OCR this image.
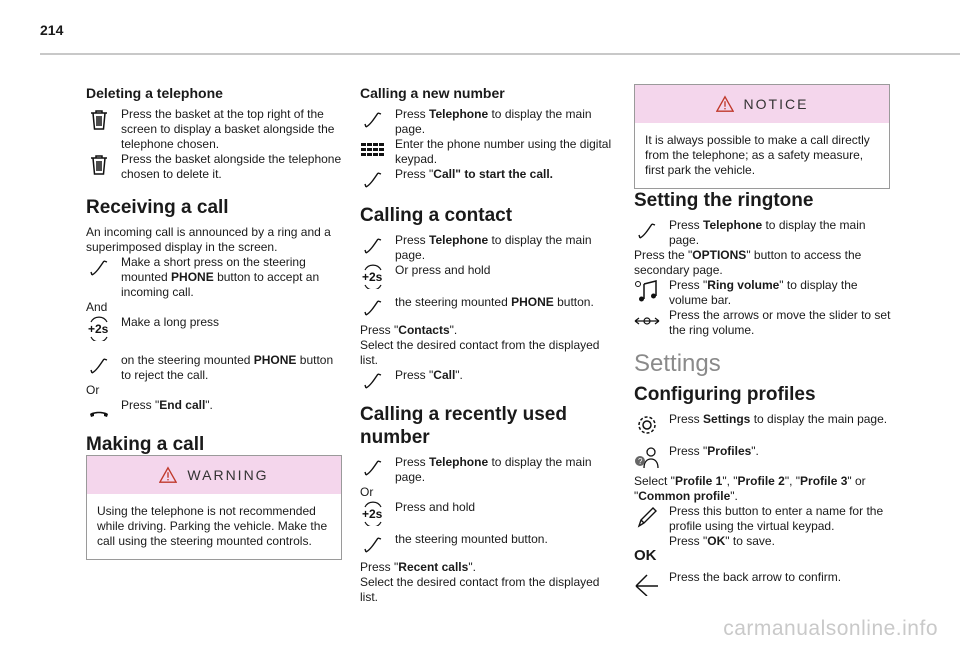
214
Deleting a telephone
Press the basket at the top right of the screen to display a basket alongside the telephone chosen.
Press the basket alongside the telephone chosen to delete it.
Receiving a call

An incoming call is announced by a ring and a superimposed display in the screen.

Make a short press on the steering mounted PHONE button to accept an incoming call.

And

+2s Make a long press
on the steering mounted PHONE button to reject the call.

Or

Press "End call".
Making a call
WARNING
Using the telephone is not recommended while driving. Parking the vehicle. Make the call using the steering mounted controls.
Calling a new number
Press Telephone to display the main page.
Enter the phone number using the digital keypad.
Press "Call" to start the call.
Calling a contact
Press Telephone to display the main page.
+2s Or press and hold
the steering mounted PHONE button.

Press "Contacts".

Select the desired contact from the displayed list.

Press "Call".
Calling a recently used number
Press Telephone to display the main page.

Or

+2s Press and hold
the steering mounted button.

Press "Recent calls".

Select the desired contact from the displayed list.

NOTICE
It is always possible to make a call directly from the telephone; as a safety measure, first park the vehicle.
Setting the ringtone
Press Telephone to display the main page.

Press the "OPTIONS" button to access the secondary page.

Press "Ring volume" to display the volume bar.
Press the arrows or move the slider to set the ring volume.
Settings
Configuring profiles
Press Settings to display the main page.
?
Press "Profiles".

Select "Profile 1", "Profile 2", "Profile 3" or "Common profile".

Press this button to enter a name for the profile using the virtual keypad.
OK
Press "OK" to save.
Press the back arrow to confirm.
carmanualsonline.info
